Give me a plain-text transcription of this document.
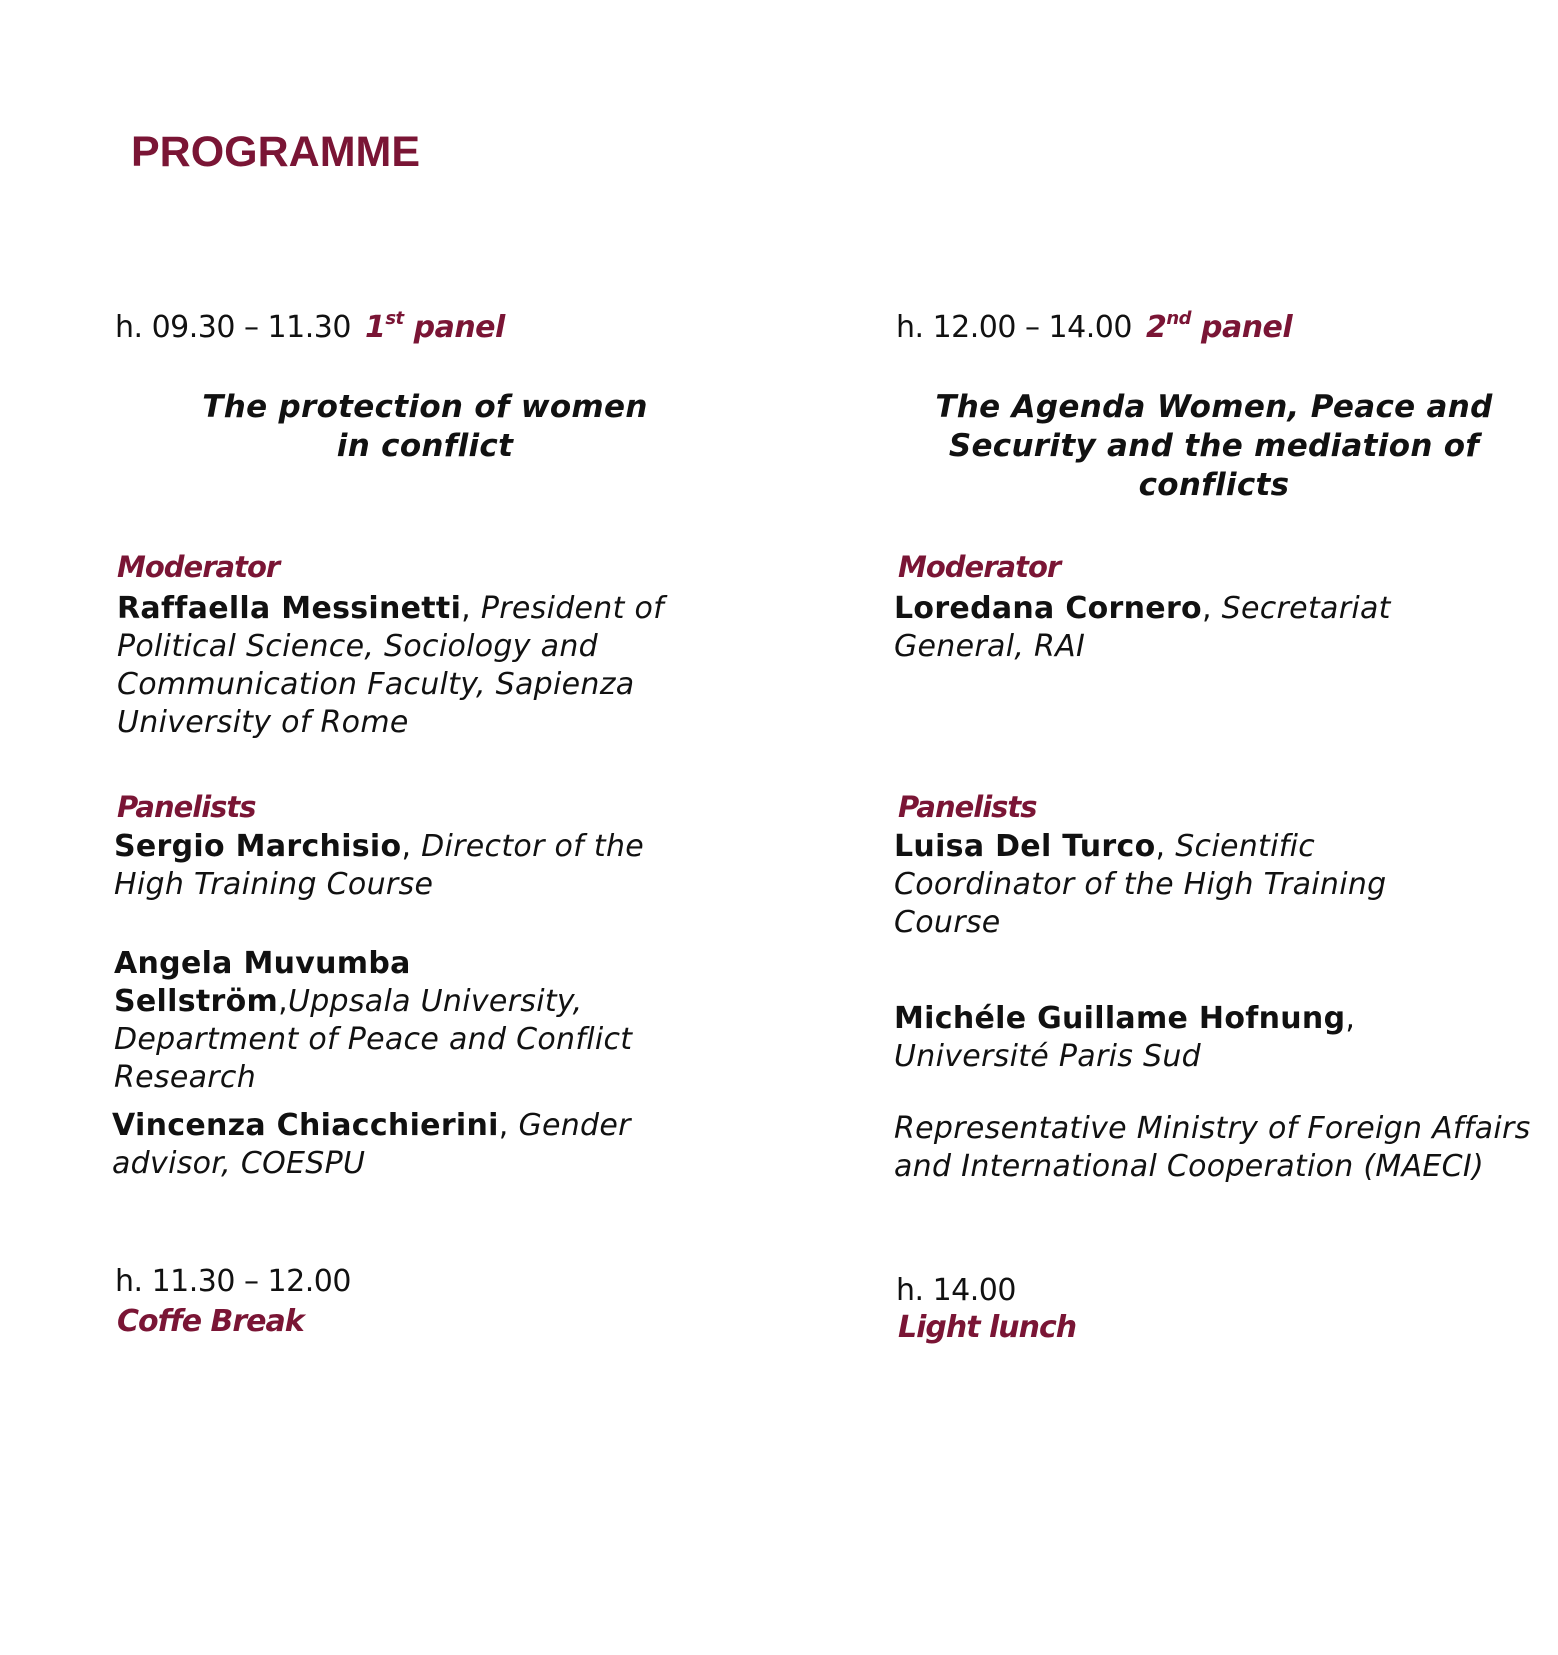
PROGRAMME
h. 09.30 – 11.30 1st panel
The protection of women
in conflict
Moderator
Raffaella Messinetti, President of Political Science, Sociology and Communication Faculty, Sapienza University of Rome
Panelists
Sergio Marchisio, Director of the High Training Course
Angela Muvumba Sellström,Uppsala University, Department of Peace and Conflict Research
Vincenza Chiacchierini, Gender advisor, COESPU
h. 11.30 – 12.00
Coffe Break
h. 12.00 – 14.00 2nd panel
The Agenda Women, Peace and
Security and the mediation of
conflicts
Moderator
Loredana Cornero, Secretariat General, RAI
Panelists
Luisa Del Turco, Scientific Coordinator of the High Training Course
Michéle Guillame Hofnung,
Université Paris Sud
Representative Ministry of Foreign Affairs and International Cooperation (MAECI)
h. 14.00
Light lunch
